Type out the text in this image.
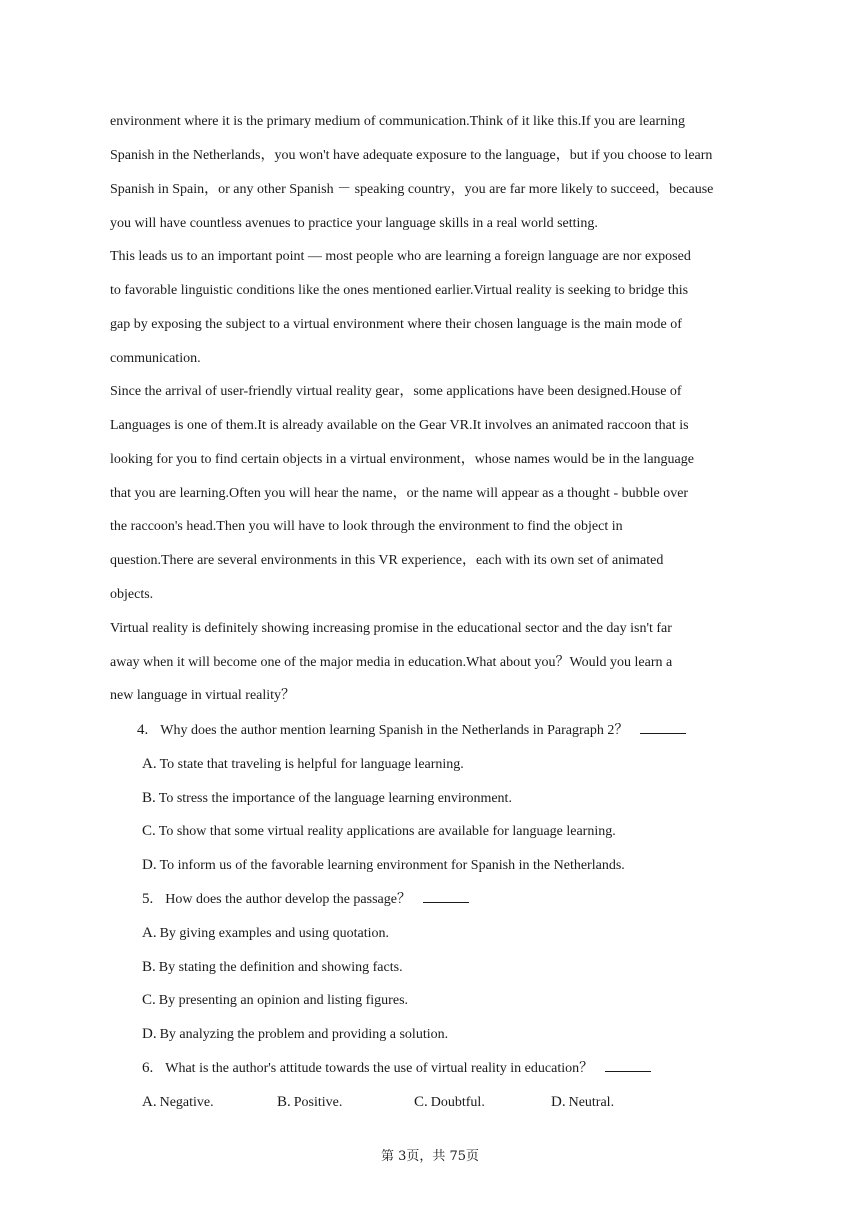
environment where it is the primary medium of communication.Think of it like this.If you are learning
Spanish in the Netherlands，you won't have adequate exposure to the language，but if you choose to learn
Spanish in Spain，or any other Spanish － speaking country，you are far more likely to succeed，because
you will have countless avenues to practice your language skills in a real world setting.
This leads us to an important point — most people who are learning a foreign language are nor exposed
to favorable linguistic conditions like the ones mentioned earlier.Virtual reality is seeking to bridge this
gap by exposing the subject to a virtual environment where their chosen language is the main mode of
communication.
Since the arrival of user-friendly virtual reality gear，some applications have been designed.House of
Languages is one of them.It is already available on the Gear VR.It involves an animated raccoon that is
looking for you to find certain objects in a virtual environment，whose names would be in the language
that you are learning.Often you will hear the name，or the name will appear as a thought - bubble over
the raccoon's head.Then you will have to look through the environment to find the object in
question.There are several environments in this VR experience，each with its own set of animated
objects.
Virtual reality is definitely showing increasing promise in the educational sector and the day isn't far
away when it will become one of the major media in education.What about you？Would you learn a
new language in virtual reality？
4. Why does the author mention learning Spanish in the Netherlands in Paragraph 2？
A. To state that traveling is helpful for language learning.
B. To stress the importance of the language learning environment.
C. To show that some virtual reality applications are available for language learning.
D. To inform us of the favorable learning environment for Spanish in the Netherlands.
5. How does the author develop the passage？
A. By giving examples and using quotation.
B. By stating the definition and showing facts.
C. By presenting an opinion and listing figures.
D. By analyzing the problem and providing a solution.
6. What is the author's attitude towards the use of virtual reality in education？
A. Negative.	B. Positive.	C. Doubtful.	D. Neutral.
第 3页，共 75页
